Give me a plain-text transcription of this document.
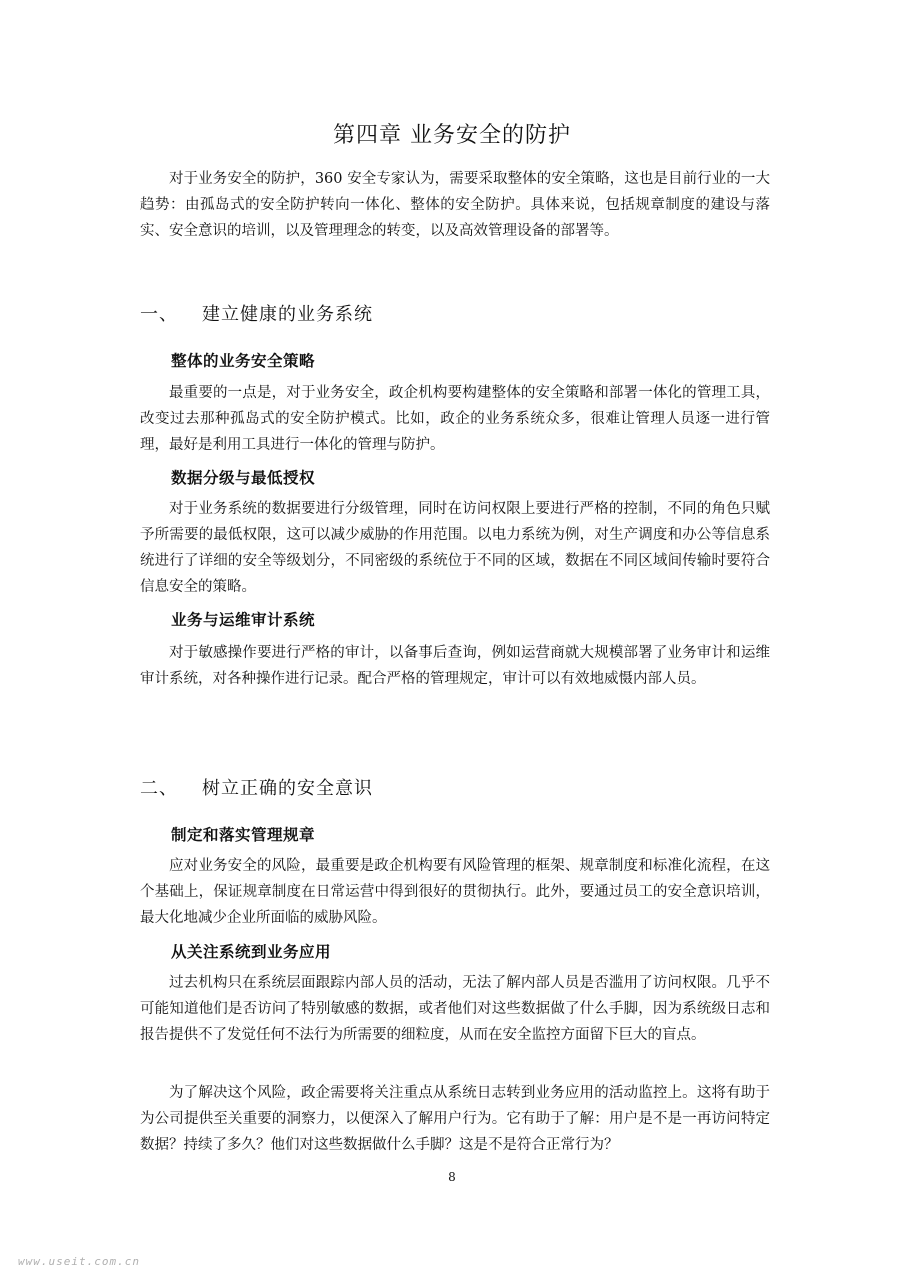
第四章 业务安全的防护

对于业务安全的防护，360 安全专家认为，需要采取整体的安全策略，这也是目前行业的一大趋势：由孤岛式的安全防护转向一体化、整体的安全防护。具体来说，包括规章制度的建设与落实、安全意识的培训，以及管理理念的转变，以及高效管理设备的部署等。

一、 建立健康的业务系统
整体的业务安全策略

最重要的一点是，对于业务安全，政企机构要构建整体的安全策略和部署一体化的管理工具，改变过去那种孤岛式的安全防护模式。比如，政企的业务系统众多，很难让管理人员逐一进行管理，最好是利用工具进行一体化的管理与防护。

数据分级与最低授权

对于业务系统的数据要进行分级管理，同时在访问权限上要进行严格的控制，不同的角色只赋予所需要的最低权限，这可以减少威胁的作用范围。以电力系统为例，对生产调度和办公等信息系统进行了详细的安全等级划分，不同密级的系统位于不同的区域，数据在不同区域间传输时要符合信息安全的策略。

业务与运维审计系统

对于敏感操作要进行严格的审计，以备事后查询，例如运营商就大规模部署了业务审计和运维审计系统，对各种操作进行记录。配合严格的管理规定，审计可以有效地威慑内部人员。

二、 树立正确的安全意识
制定和落实管理规章

应对业务安全的风险，最重要是政企机构要有风险管理的框架、规章制度和标准化流程，在这个基础上，保证规章制度在日常运营中得到很好的贯彻执行。此外，要通过员工的安全意识培训，最大化地减少企业所面临的威胁风险。

从关注系统到业务应用

过去机构只在系统层面跟踪内部人员的活动，无法了解内部人员是否滥用了访问权限。几乎不可能知道他们是否访问了特别敏感的数据，或者他们对这些数据做了什么手脚，因为系统级日志和报告提供不了发觉任何不法行为所需要的细粒度，从而在安全监控方面留下巨大的盲点。

为了解决这个风险，政企需要将关注重点从系统日志转到业务应用的活动监控上。这将有助于为公司提供至关重要的洞察力，以便深入了解用户行为。它有助于了解：用户是不是一再访问特定数据？持续了多久？他们对这些数据做什么手脚？这是不是符合正常行为？

8
www.useit.com.cn
